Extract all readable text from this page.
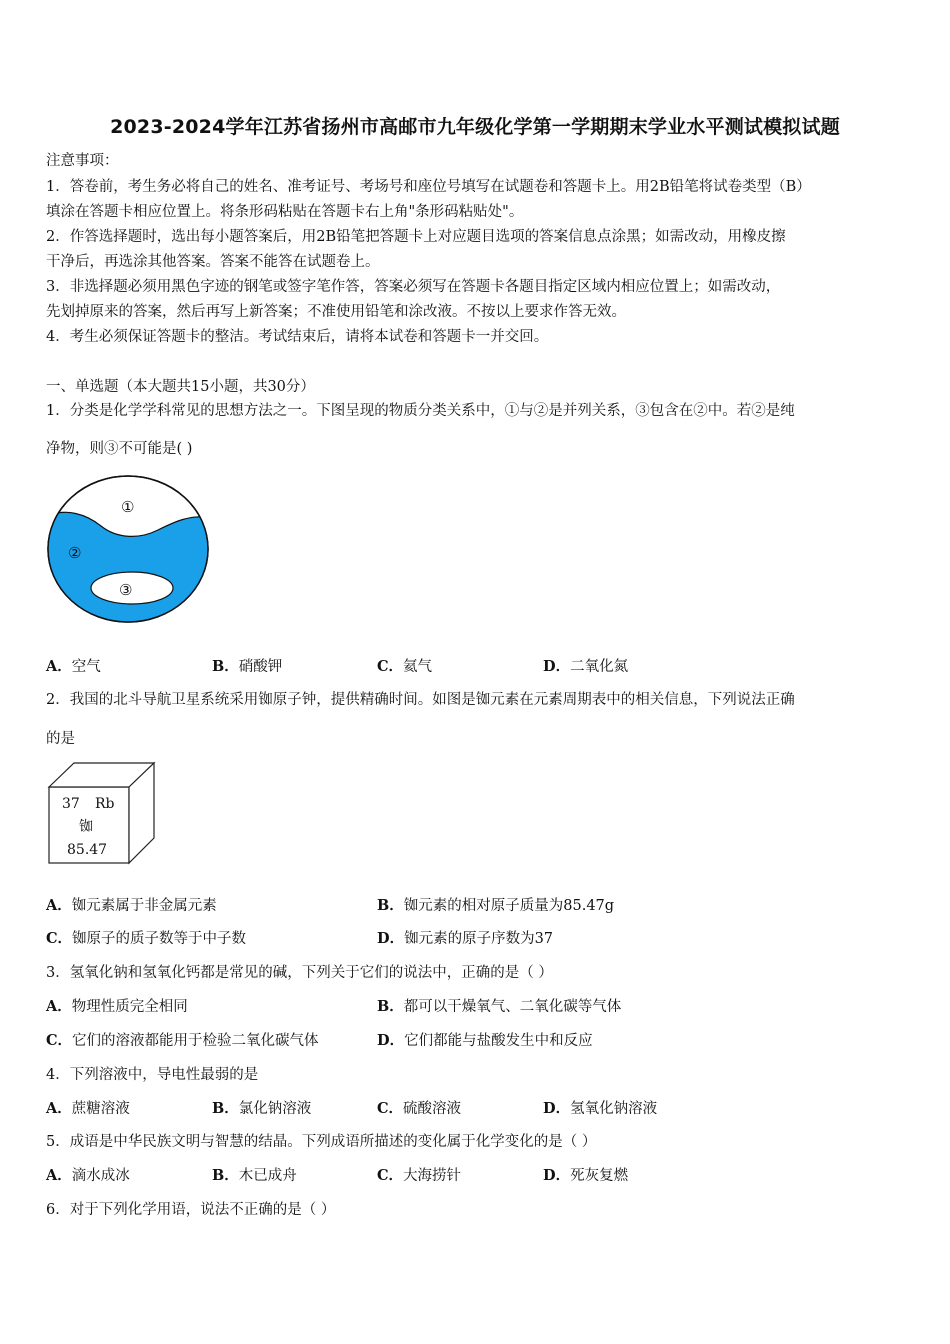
2023-2024学年江苏省扬州市高邮市九年级化学第一学期期末学业水平测试模拟试题
注意事项：
1．答卷前，考生务必将自己的姓名、准考证号、考场号和座位号填写在试题卷和答题卡上。用2B铅笔将试卷类型（B）
填涂在答题卡相应位置上。将条形码粘贴在答题卡右上角"条形码粘贴处"。
2．作答选择题时，选出每小题答案后，用2B铅笔把答题卡上对应题目选项的答案信息点涂黑；如需改动，用橡皮擦
干净后，再选涂其他答案。答案不能答在试题卷上。
3．非选择题必须用黑色字迹的钢笔或签字笔作答，答案必须写在答题卡各题目指定区域内相应位置上；如需改动，
先划掉原来的答案，然后再写上新答案；不准使用铅笔和涂改液。不按以上要求作答无效。
4．考生必须保证答题卡的整洁。考试结束后，请将本试卷和答题卡一并交回。
一、单选题（本大题共15小题，共30分）
1．分类是化学学科常见的思想方法之一。下图呈现的物质分类关系中，①与②是并列关系，③包含在②中。若②是纯
净物，则③不可能是( )
①
②
③
A．空气	B．硝酸钾	C．氦气	D．二氧化氮
2．我国的北斗导航卫星系统采用铷原子钟，提供精确时间。如图是铷元素在元素周期表中的相关信息，下列说法正确
的是
37 Rb
铷
85.47
A．铷元素属于非金属元素	B．铷元素的相对原子质量为85.47g
C．铷原子的质子数等于中子数	D．铷元素的原子序数为37
3．氢氧化钠和氢氧化钙都是常见的碱，下列关于它们的说法中，正确的是（ ）
A．物理性质完全相同	B．都可以干燥氧气、二氧化碳等气体
C．它们的溶液都能用于检验二氧化碳气体	D．它们都能与盐酸发生中和反应
4．下列溶液中，导电性最弱的是
A．蔗糖溶液	B．氯化钠溶液	C．硫酸溶液	D．氢氧化钠溶液
5．成语是中华民族文明与智慧的结晶。下列成语所描述的变化属于化学变化的是（ ）
A．滴水成冰	B．木已成舟	C．大海捞针	D．死灰复燃
6．对于下列化学用语，说法不正确的是（ ）
